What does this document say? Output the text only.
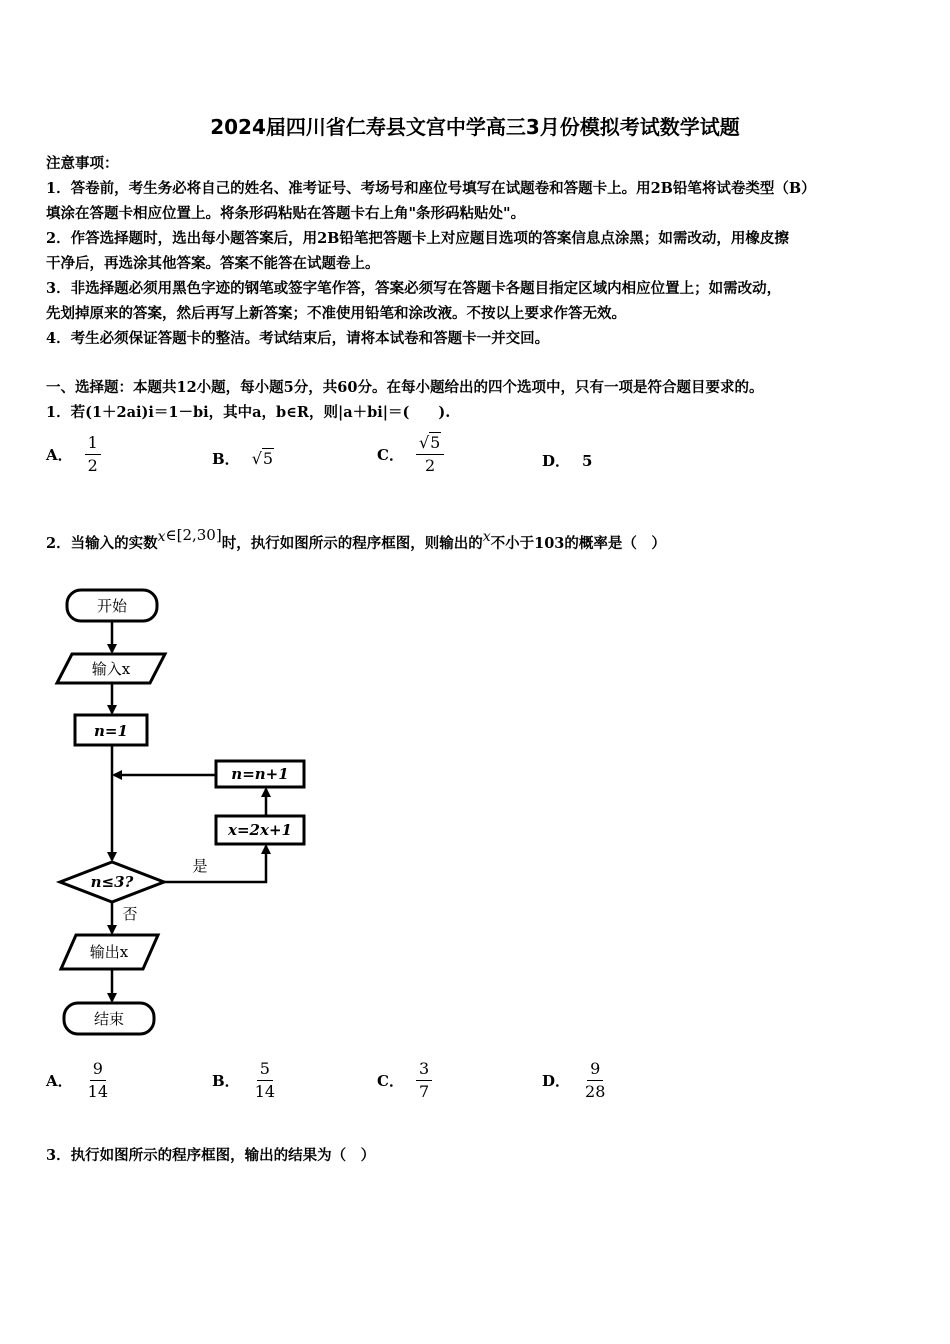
2024届四川省仁寿县文宫中学高三3月份模拟考试数学试题
注意事项：
1．答卷前，考生务必将自己的姓名、准考证号、考场号和座位号填写在试题卷和答题卡上。用2B铅笔将试卷类型（B）
填涂在答题卡相应位置上。将条形码粘贴在答题卡右上角"条形码粘贴处"。
2．作答选择题时，选出每小题答案后，用2B铅笔把答题卡上对应题目选项的答案信息点涂黑；如需改动，用橡皮擦
干净后，再选涂其他答案。答案不能答在试题卷上。
3．非选择题必须用黑色字迹的钢笔或签字笔作答，答案必须写在答题卡各题目指定区域内相应位置上；如需改动，
先划掉原来的答案，然后再写上新答案；不准使用铅笔和涂改液。不按以上要求作答无效。
4．考生必须保证答题卡的整洁。考试结束后，请将本试卷和答题卡一并交回。
一、选择题：本题共12小题，每小题5分，共60分。在每小题给出的四个选项中，只有一项是符合题目要求的。
1．若(1＋2ai)i＝1－bi，其中a，b∈R，则|a＋bi|＝(　　).
A． $\frac{1}{2}$	B． √5	C． $\frac{√5}{2}$	D． 5
2．当输入的实数x∈[2,30]时，执行如图所示的程序框图，则输出的x不小于103的概率是（　）
开始
输入x
n=1
n=n+1
x=2x+1
n≤3?
是
否
输出x
结束
A． $\frac{9}{14}$	B． $\frac{5}{14}$	C． $\frac{3}{7}$	D． $\frac{9}{28}$
3．执行如图所示的程序框图，输出的结果为（　）
